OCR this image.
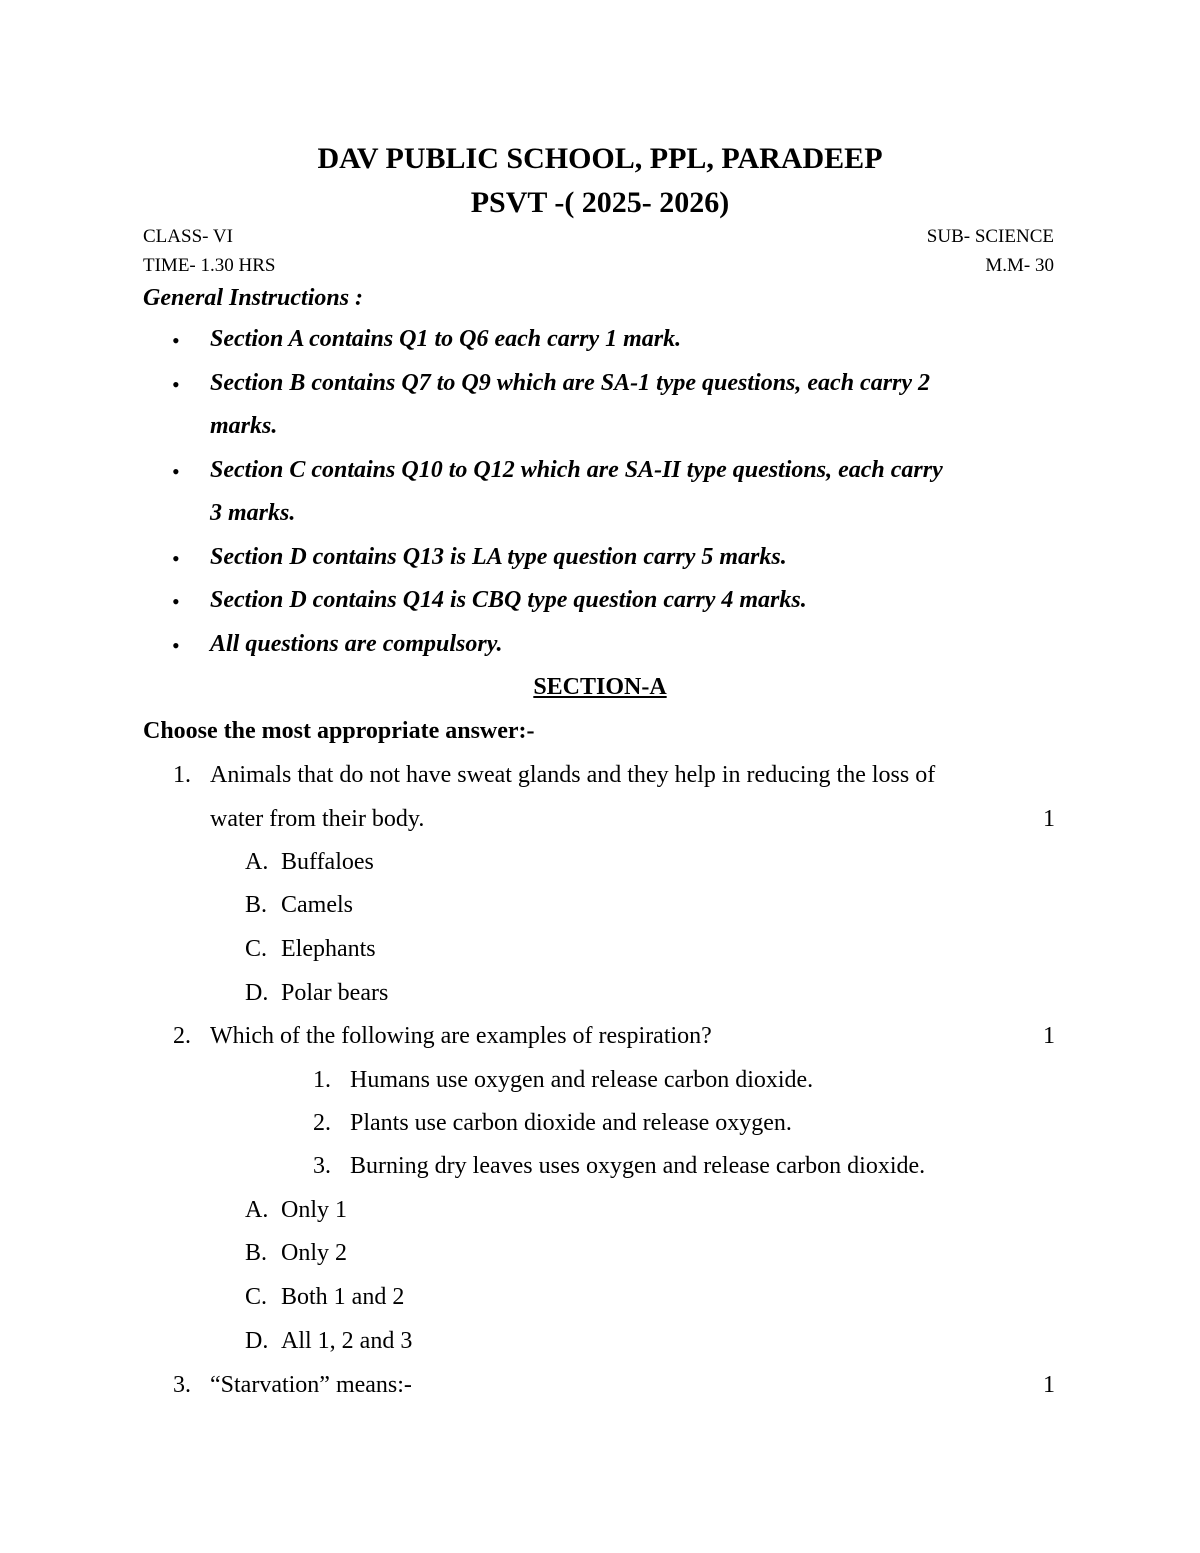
DAV PUBLIC SCHOOL, PPL, PARADEEP
PSVT -( 2025- 2026)
CLASS- VI	SUB- SCIENCE
TIME- 1.30 HRS	M.M- 30
General Instructions :
• Section A contains Q1 to Q6 each carry 1 mark.
• Section B contains Q7 to Q9 which are SA-1 type questions, each carry 2
marks.
• Section C contains Q10 to Q12 which are SA-II type questions, each carry
3 marks.
• Section D contains Q13 is LA type question carry 5 marks.
• Section D contains Q14 is CBQ type question carry 4 marks.
• All questions are compulsory.
SECTION-A
Choose the most appropriate answer:-
1. Animals that do not have sweat glands and they help in reducing the loss of
water from their body.	1
A. Buffaloes
B. Camels
C. Elephants
D. Polar bears
2. Which of the following are examples of respiration?	1
1. Humans use oxygen and release carbon dioxide.
2. Plants use carbon dioxide and release oxygen.
3. Burning dry leaves uses oxygen and release carbon dioxide.
A. Only 1
B. Only 2
C. Both 1 and 2
D. All 1, 2 and 3
3. “Starvation” means:-	1
